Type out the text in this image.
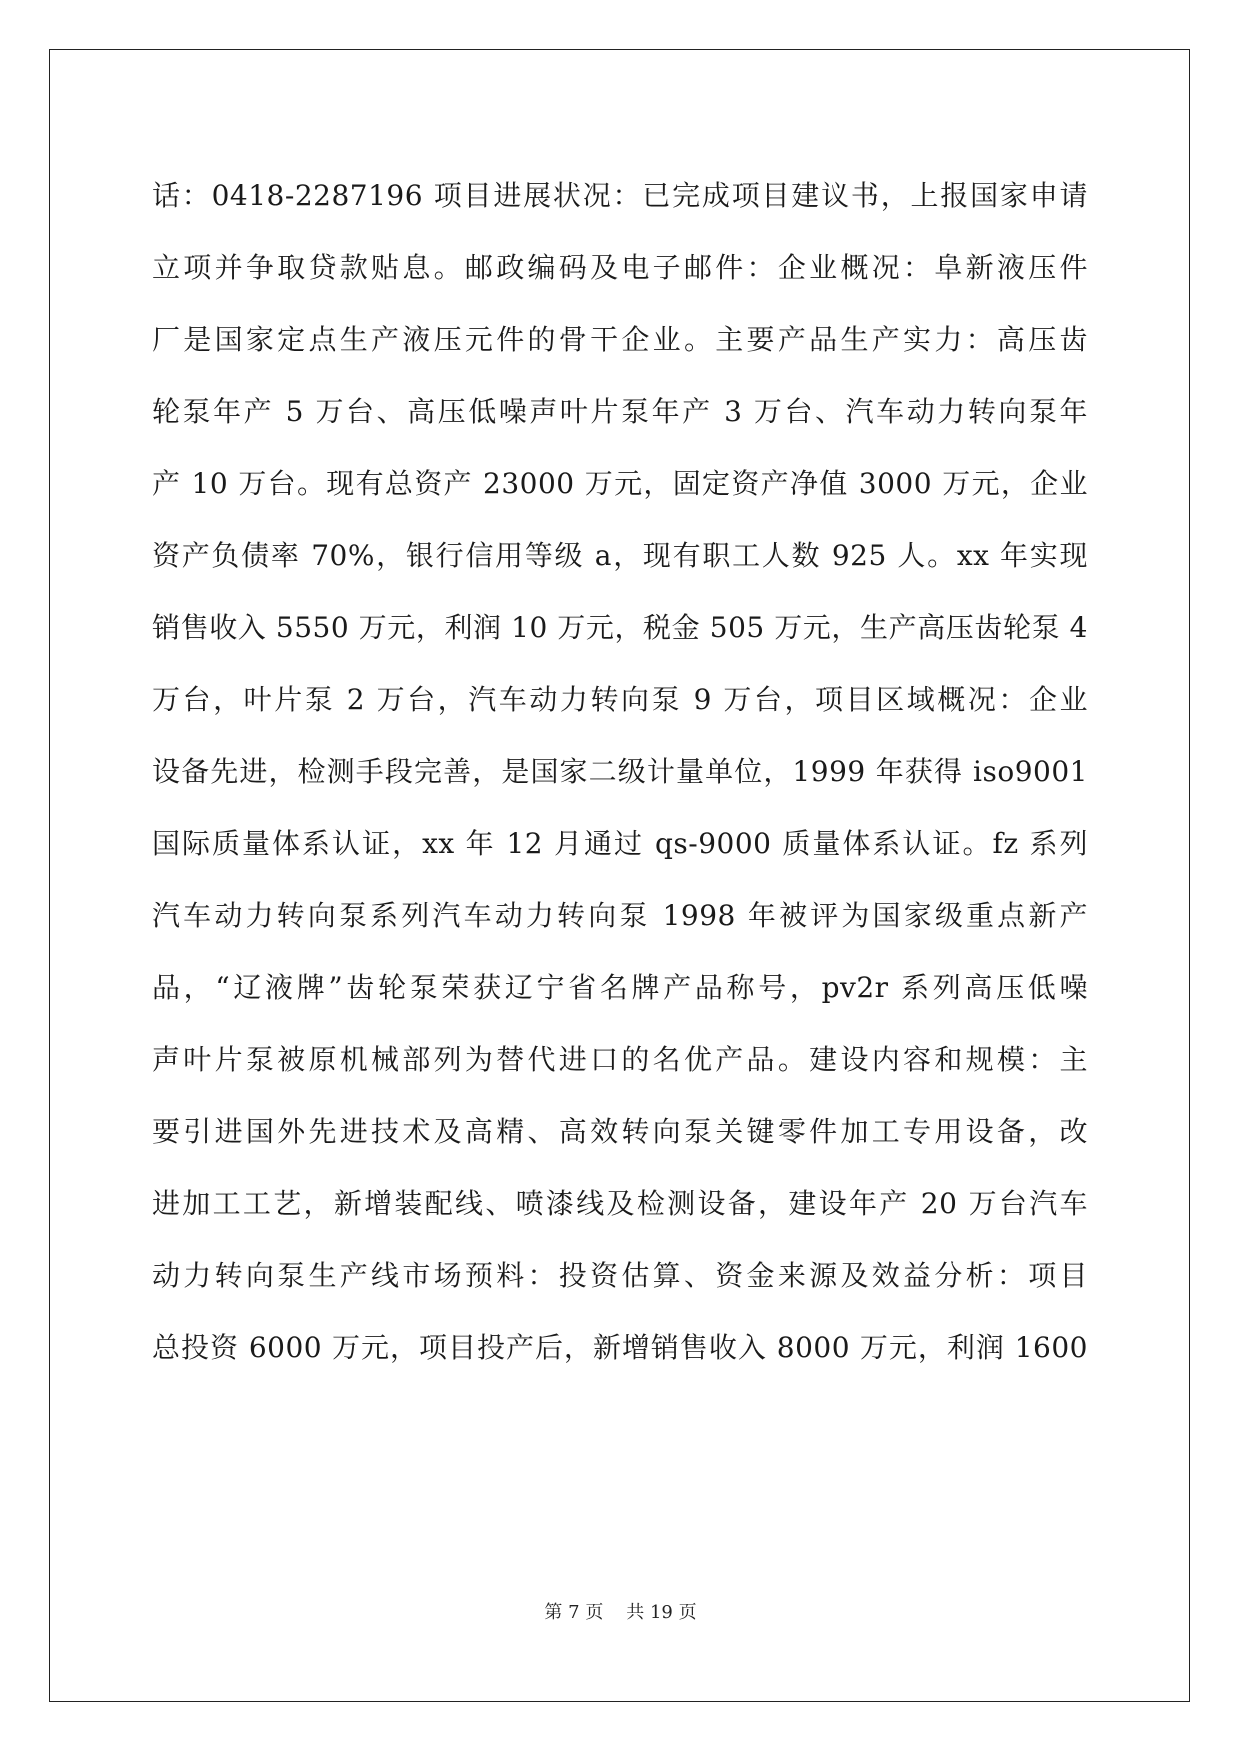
话：0418-2287196 项目进展状况：已完成项目建议书，上报国家申请
立项并争取贷款贴息。邮政编码及电子邮件：企业概况：阜新液压件
厂是国家定点生产液压元件的骨干企业。主要产品生产实力：高压齿
轮泵年产 5 万台、高压低噪声叶片泵年产 3 万台、汽车动力转向泵年
产 10 万台。现有总资产 23000 万元，固定资产净值 3000 万元，企业
资产负债率 70%，银行信用等级 a，现有职工人数 925 人。xx 年实现
销售收入 5550 万元，利润 10 万元，税金 505 万元，生产高压齿轮泵 4
万台，叶片泵 2 万台，汽车动力转向泵 9 万台，项目区域概况：企业
设备先进，检测手段完善，是国家二级计量单位，1999 年获得 iso9001
国际质量体系认证，xx 年 12 月通过 qs-9000 质量体系认证。fz 系列
汽车动力转向泵系列汽车动力转向泵 1998 年被评为国家级重点新产
品，“辽液牌”齿轮泵荣获辽宁省名牌产品称号，pv2r 系列高压低噪
声叶片泵被原机械部列为替代进口的名优产品。建设内容和规模：主
要引进国外先进技术及高精、高效转向泵关键零件加工专用设备，改
进加工工艺，新增装配线、喷漆线及检测设备，建设年产 20 万台汽车
动力转向泵生产线市场预料：投资估算、资金来源及效益分析：项目
总投资 6000 万元，项目投产后，新增销售收入 8000 万元，利润 1600
第 7 页 共 19 页
